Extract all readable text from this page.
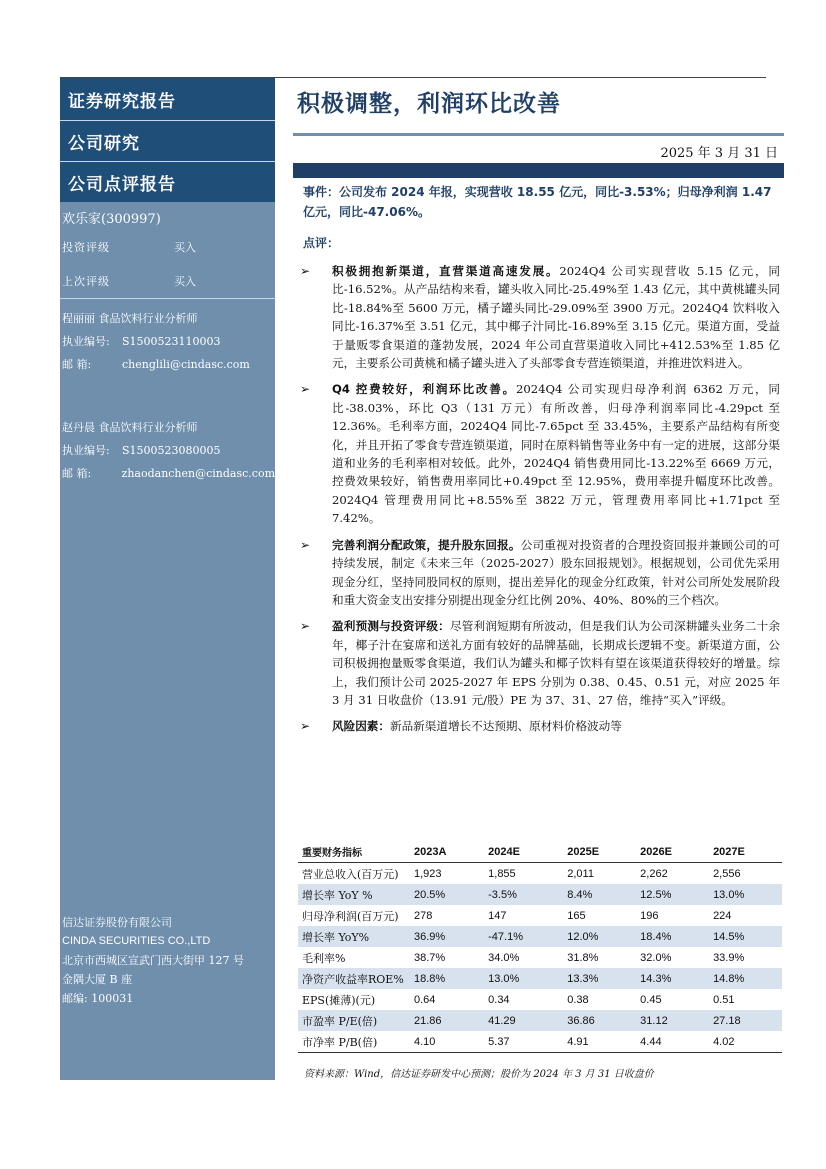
证券研究报告
公司研究
公司点评报告
欢乐家(300997)
投资评级	买入
上次评级	买入
程丽丽 食品饮料行业分析师
执业编号:	S1500523110003
邮 箱:	chenglili@cindasc.com
赵丹晨 食品饮料行业分析师
执业编号:	S1500523080005
邮 箱:	zhaodanchen@cindasc.com
信达证券股份有限公司
CINDA SECURITIES CO.,LTD
北京市西城区宣武门西大街甲 127 号
金隅大厦 B 座
邮编: 100031
积极调整，利润环比改善
2025 年 3 月 31 日
事件：公司发布 2024 年报，实现营收 18.55 亿元，同比-3.53%；归母净利润 1.47 亿元，同比-47.06%。
点评：
➢	积极拥抱新渠道，直营渠道高速发展。2024Q4 公司实现营收 5.15 亿元，同比-16.52%。从产品结构来看，罐头收入同比-25.49%至 1.43 亿元，其中黄桃罐头同比-18.84%至 5600 万元，橘子罐头同比-29.09%至 3900 万元。2024Q4 饮料收入同比-16.37%至 3.51 亿元，其中椰子汁同比-16.89%至 3.15 亿元。渠道方面，受益于量贩零食渠道的蓬勃发展，2024 年公司直营渠道收入同比+412.53%至 1.85 亿元，主要系公司黄桃和橘子罐头进入了头部零食专营连锁渠道，并推进饮料进入。
➢	Q4 控费较好，利润环比改善。2024Q4 公司实现归母净利润 6362 万元，同比-38.03%，环比 Q3（131 万元）有所改善，归母净利润率同比-4.29pct 至 12.36%。毛利率方面，2024Q4 同比-7.65pct 至 33.45%，主要系产品结构有所变化，并且开拓了零食专营连锁渠道，同时在原料销售等业务中有一定的进展，这部分渠道和业务的毛利率相对较低。此外，2024Q4 销售费用同比-13.22%至 6669 万元，控费效果较好，销售费用率同比+0.49pct 至 12.95%，费用率提升幅度环比改善。2024Q4 管理费用同比+8.55%至 3822 万元，管理费用率同比+1.71pct 至 7.42%。
➢	完善利润分配政策，提升股东回报。公司重视对投资者的合理投资回报并兼顾公司的可持续发展，制定《未来三年（2025-2027）股东回报规划》。根据规划，公司优先采用现金分红，坚持同股同权的原则，提出差异化的现金分红政策，针对公司所处发展阶段和重大资金支出安排分别提出现金分红比例 20%、40%、80%的三个档次。
➢	盈利预测与投资评级：尽管利润短期有所波动，但是我们认为公司深耕罐头业务二十余年，椰子汁在宴席和送礼方面有较好的品牌基础，长期成长逻辑不变。新渠道方面，公司积极拥抱量贩零食渠道，我们认为罐头和椰子饮料有望在该渠道获得较好的增量。综上，我们预计公司 2025-2027 年 EPS 分别为 0.38、0.45、0.51 元，对应 2025 年 3 月 31 日收盘价（13.91 元/股）PE 为 37、31、27 倍，维持“买入”评级。
➢	风险因素：新品新渠道增长不达预期、原材料价格波动等
重要财务指标	2023A	2024E	2025E	2026E	2027E
营业总收入(百万元)	1,923	1,855	2,011	2,262	2,556
增长率 YoY %	20.5%	-3.5%	8.4%	12.5%	13.0%
归母净利润(百万元)	278	147	165	196	224
增长率 YoY%	36.9%	-47.1%	12.0%	18.4%	14.5%
毛利率%	38.7%	34.0%	31.8%	32.0%	33.9%
净资产收益率ROE%	18.8%	13.0%	13.3%	14.3%	14.8%
EPS(摊薄)(元)	0.64	0.34	0.38	0.45	0.51
市盈率 P/E(倍)	21.86	41.29	36.86	31.12	27.18
市净率 P/B(倍)	4.10	5.37	4.91	4.44	4.02
资料来源：Wind，信达证券研发中心预测；股价为 2024 年 3 月 31 日收盘价
